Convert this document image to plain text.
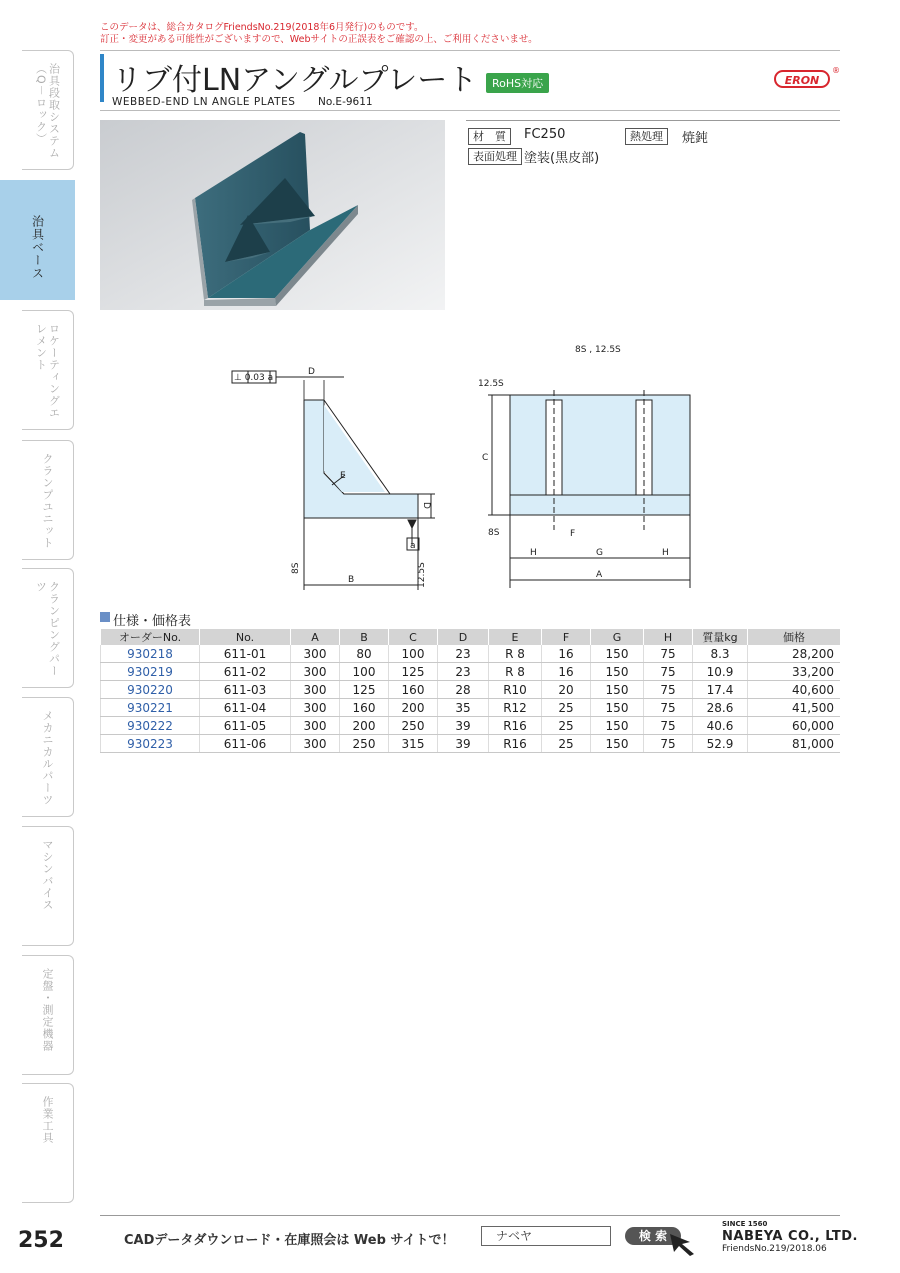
このデータは、総合カタログFriendsNo.219(2018年6月発行)のものです。
訂正・変更がある可能性がございますので、Webサイトの正誤表をご確認の上、ご利用くださいませ。
治具段取システム（Q－ロック）
治具ベース
ロケーティングエレメント
クランプユニット
クランピングパーツ
メカニカルパーツ
マシンバイス
定盤・測定機器
作業工具
リブ付LNアングルプレート	RoHS対応
WEBBED-END LN ANGLE PLATES No.E-9611
ERON
®
材　質	FC250	熱処理	焼鈍
表面処理 塗装(黒皮部)
⊥ 0.03 a
D
E
D
a
B
8S	12.5S
8S , 12.5S
C
12.5S
8S
H	G	H
A
F
仕様・価格表
オーダーNo.	No.	A	B	C	D	E	F	G	H	質量kg	価格
930218	611-01	300	80	100	23	R 8	16	150	75	8.3	28,200
930219	611-02	300	100	125	23	R 8	16	150	75	10.9	33,200
930220	611-03	300	125	160	28	R10	20	150	75	17.4	40,600
930221	611-04	300	160	200	35	R12	25	150	75	28.6	41,500
930222	611-05	300	200	250	39	R16	25	150	75	40.6	60,000
930223	611-06	300	250	315	39	R16	25	150	75	52.9	81,000
252	CADデータダウンロード・在庫照会は Web サイトで！	ナベヤ	検 索
SINCE 1560
NABEYA CO., LTD.
FriendsNo.219/2018.06
